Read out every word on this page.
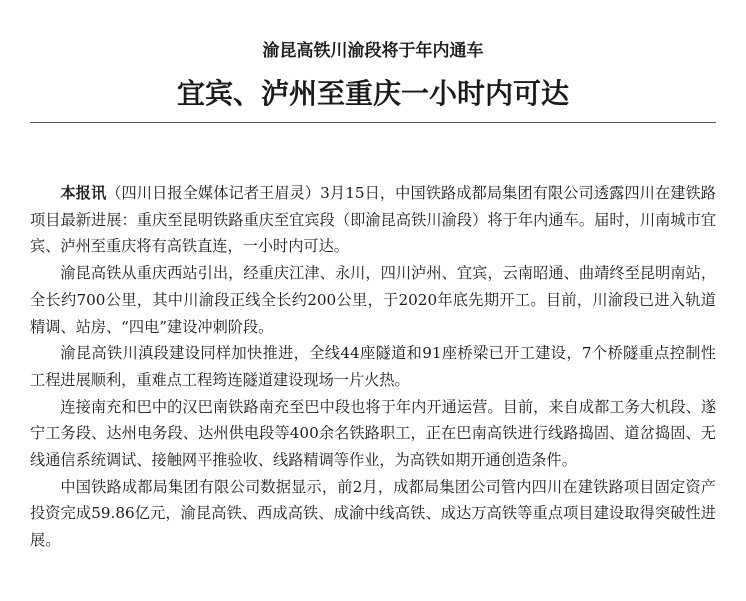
渝昆高铁川渝段将于年内通车
宜宾、泸州至重庆一小时内可达

本报讯（四川日报全媒体记者王眉灵）3月15日，中国铁路成都局集团有限公司透露四川在建铁路项目最新进展：重庆至昆明铁路重庆至宜宾段（即渝昆高铁川渝段）将于年内通车。届时，川南城市宜宾、泸州至重庆将有高铁直连，一小时内可达。

渝昆高铁从重庆西站引出，经重庆江津、永川，四川泸州、宜宾，云南昭通、曲靖终至昆明南站，全长约700公里，其中川渝段正线全长约200公里，于2020年底先期开工。目前，川渝段已进入轨道精调、站房、“四电”建设冲刺阶段。

渝昆高铁川滇段建设同样加快推进，全线44座隧道和91座桥梁已开工建设，7个桥隧重点控制性工程进展顺利，重难点工程筠连隧道建设现场一片火热。

连接南充和巴中的汉巴南铁路南充至巴中段也将于年内开通运营。目前，来自成都工务大机段、遂宁工务段、达州电务段、达州供电段等400余名铁路职工，正在巴南高铁进行线路捣固、道岔捣固、无线通信系统调试、接触网平推验收、线路精调等作业，为高铁如期开通创造条件。

中国铁路成都局集团有限公司数据显示，前2月，成都局集团公司管内四川在建铁路项目固定资产投资完成59.86亿元，渝昆高铁、西成高铁、成渝中线高铁、成达万高铁等重点项目建设取得突破性进展。
